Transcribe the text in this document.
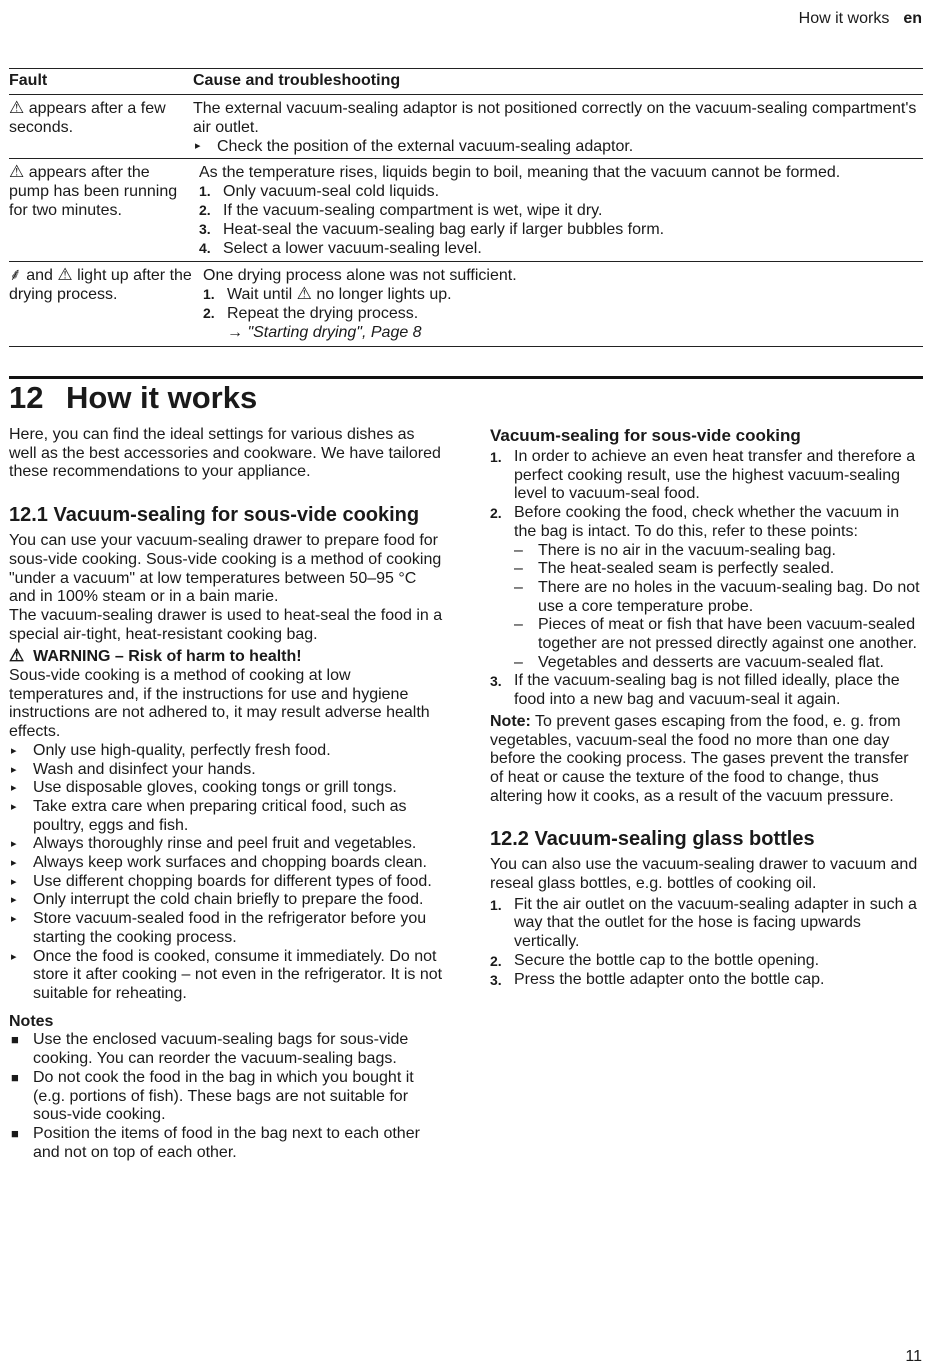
How it works en
Fault	Cause and troubleshooting
⚠ appears after a few seconds.

The external vacuum-sealing adaptor is not positioned correctly on the vacuum-sealing compartment's air outlet.

▸ Check the position of the external vacuum-sealing adaptor.
⚠ appears after the pump has been running for two minutes.

As the temperature rises, liquids begin to boil, meaning that the vacuum cannot be formed.

1. Only vacuum-seal cold liquids.
2. If the vacuum-sealing compartment is wet, wipe it dry.
3. Heat-seal the vacuum-sealing bag early if larger bubbles form.
4. Select a lower vacuum-sealing level.
⸙ and ⚠ light up after the drying process.

One drying process alone was not sufficient.

1. Wait until ⚠ no longer lights up.
2. Repeat the drying process.
→ "Starting drying", Page 8
12 How it works

Here, you can find the ideal settings for various dishes as well as the best accessories and cookware. We have tailored these recommendations to your appliance.

12.1 Vacuum-sealing for sous-vide cooking

You can use your vacuum-sealing drawer to prepare food for sous-vide cooking. Sous-vide cooking is a method of cooking "under a vacuum" at low temperatures between 50–95 °C and in 100% steam or in a bain marie.

The vacuum-sealing drawer is used to heat-seal the food in a special air-tight, heat-resistant cooking bag.

⚠ WARNING – Risk of harm to health!

Sous-vide cooking is a method of cooking at low temperatures and, if the instructions for use and hygiene instructions are not adhered to, it may result adverse health effects.

▸ Only use high-quality, perfectly fresh food.
▸ Wash and disinfect your hands.
▸ Use disposable gloves, cooking tongs or grill tongs.
▸ Take extra care when preparing critical food, such as poultry, eggs and fish.
▸ Always thoroughly rinse and peel fruit and vegetables.
▸ Always keep work surfaces and chopping boards clean.
▸ Use different chopping boards for different types of food.
▸ Only interrupt the cold chain briefly to prepare the food.
▸ Store vacuum-sealed food in the refrigerator before you starting the cooking process.
▸ Once the food is cooked, consume it immediately. Do not store it after cooking – not even in the refrigerator. It is not suitable for reheating.
Notes
■ Use the enclosed vacuum-sealing bags for sous-vide cooking. You can reorder the vacuum-sealing bags.
■ Do not cook the food in the bag in which you bought it (e.g. portions of fish). These bags are not suitable for sous-vide cooking.
■ Position the items of food in the bag next to each other and not on top of each other.
Vacuum-sealing for sous-vide cooking
1. In order to achieve an even heat transfer and therefore a perfect cooking result, use the highest vacuum-sealing level to vacuum-seal food.
2. Before cooking the food, check whether the vacuum in the bag is intact. To do this, refer to these points:
– There is no air in the vacuum-sealing bag.
– The heat-sealed seam is perfectly sealed.
– There are no holes in the vacuum-sealing bag. Do not use a core temperature probe.
– Pieces of meat or fish that have been vacuum-sealed together are not pressed directly against one another.
– Vegetables and desserts are vacuum-sealed flat.
3. If the vacuum-sealing bag is not filled ideally, place the food into a new bag and vacuum-seal it again.

Note: To prevent gases escaping from the food, e. g. from vegetables, vacuum-seal the food no more than one day before the cooking process. The gases prevent the transfer of heat or cause the texture of the food to change, thus altering how it cooks, as a result of the vacuum pressure.

12.2 Vacuum-sealing glass bottles

You can also use the vacuum-sealing drawer to vacuum and reseal glass bottles, e.g. bottles of cooking oil.

1. Fit the air outlet on the vacuum-sealing adapter in such a way that the outlet for the hose is facing upwards vertically.
2. Secure the bottle cap to the bottle opening.
3. Press the bottle adapter onto the bottle cap.
11
